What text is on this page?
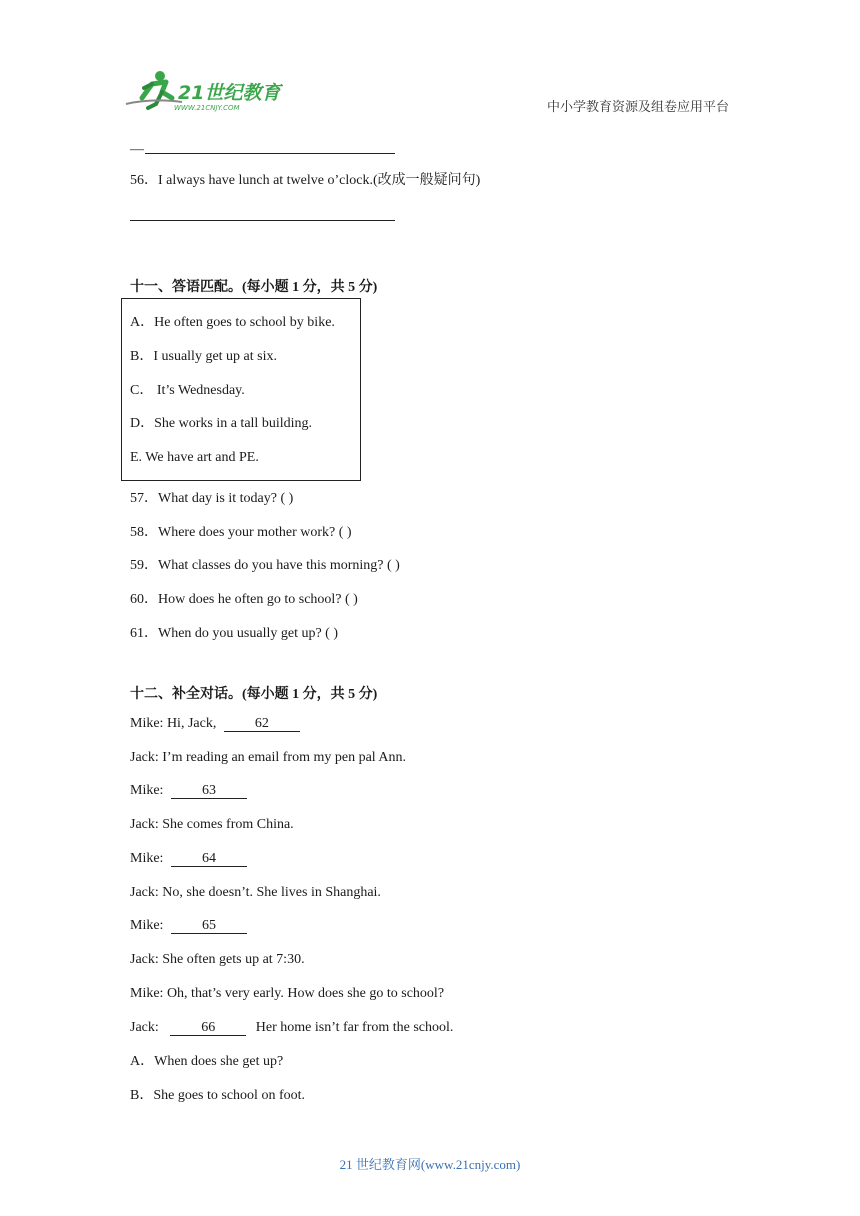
21世纪教育
WWW.21CNJY.COM	中小学教育资源及组卷应用平台
—
56．I always have lunch at twelve o’clock.(改成一般疑问句)
十一、答语匹配。(每小题 1 分，共 5 分)
A．He often goes to school by bike.
B．I usually get up at six.
C． It’s Wednesday.
D．She works in a tall building.
E. We have art and PE.
57．What day is it today? ( )
58．Where does your mother work? ( )
59．What classes do you have this morning? ( )
60．How does he often go to school? ( )
61．When do you usually get up? ( )
十二、补全对话。(每小题 1 分，共 5 分)
Mike: Hi, Jack,	62
Jack: I’m reading an email from my pen pal Ann.
Mike:	63
Jack: She comes from China.
Mike:	64
Jack: No, she doesn’t. She lives in Shanghai.
Mike:	65
Jack: She often gets up at 7:30.
Mike: Oh, that’s very early. How does she go to school?
Jack:	66	Her home isn’t far from the school.
A．When does she get up?
B．She goes to school on foot.
21 世纪教育网(www.21cnjy.com)
